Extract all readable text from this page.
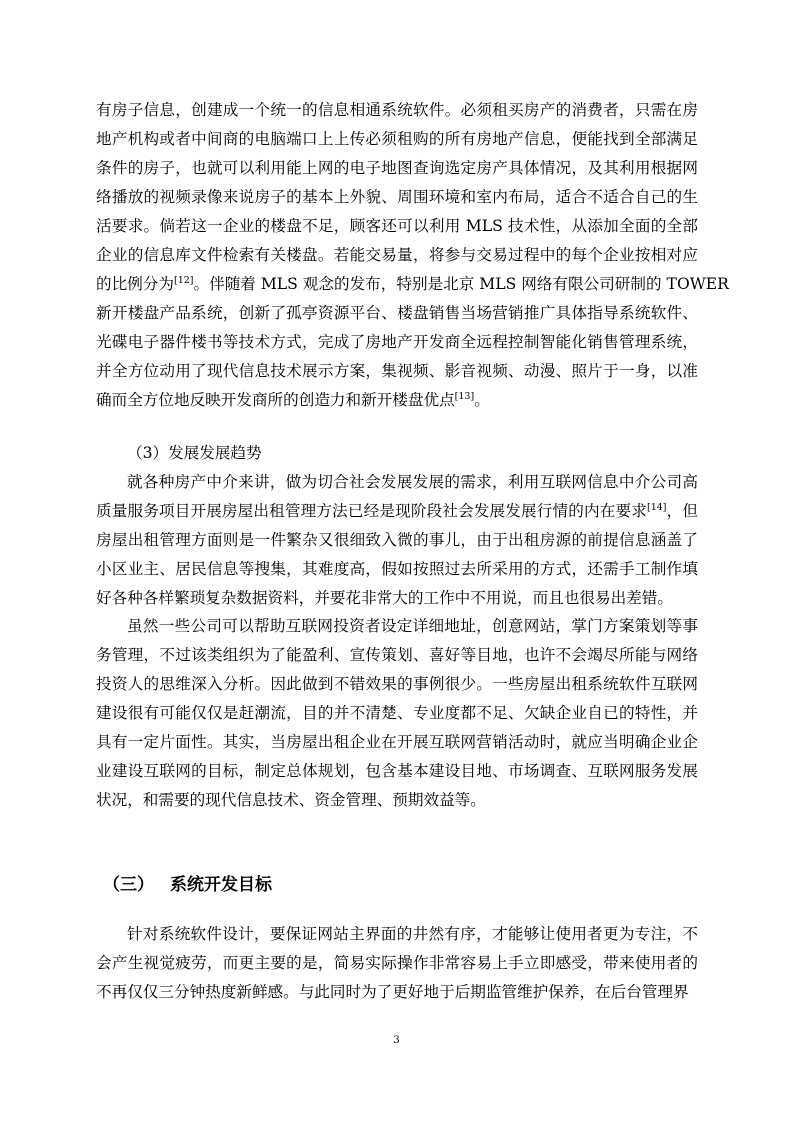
有房子信息，创建成一个统一的信息相通系统软件。必须租买房产的消费者，只需在房
地产机构或者中间商的电脑端口上上传必须租购的所有房地产信息，便能找到全部满足
条件的房子，也就可以利用能上网的电子地图查询选定房产具体情况，及其利用根据网
络播放的视频录像来说房子的基本上外貌、周围环境和室内布局，适合不适合自己的生
活要求。倘若这一企业的楼盘不足，顾客还可以利用 MLS 技术性，从添加全面的全部
企业的信息库文件检索有关楼盘。若能交易量，将参与交易过程中的每个企业按相对应
的比例分为[12]。伴随着 MLS 观念的发布，特别是北京 MLS 网络有限公司研制的 TOWER
新开楼盘产品系统，创新了孤亭资源平台、楼盘销售当场营销推广具体指导系统软件、
光碟电子器件楼书等技术方式，完成了房地产开发商全远程控制智能化销售管理系统，
并全方位动用了现代信息技术展示方案，集视频、影音视频、动漫、照片于一身，以准
确而全方位地反映开发商所的创造力和新开楼盘优点[13]。
（3）发展发展趋势
就各种房产中介来讲，做为切合社会发展发展的需求，利用互联网信息中介公司高
质量服务项目开展房屋出租管理方法已经是现阶段社会发展发展行情的内在要求[14]，但
房屋出租管理方面则是一件繁杂又很细致入微的事儿，由于出租房源的前提信息涵盖了
小区业主、居民信息等搜集，其难度高，假如按照过去所采用的方式，还需手工制作填
好各种各样繁琐复杂数据资料，并要花非常大的工作中不用说，而且也很易出差错。
虽然一些公司可以帮助互联网投资者设定详细地址，创意网站，掌门方案策划等事
务管理，不过该类组织为了能盈利、宣传策划、喜好等目地，也许不会竭尽所能与网络
投资人的思维深入分析。因此做到不错效果的事例很少。一些房屋出租系统软件互联网
建设很有可能仅仅是赶潮流，目的并不清楚、专业度都不足、欠缺企业自已的特性，并
具有一定片面性。其实，当房屋出租企业在开展互联网营销活动时，就应当明确企业企
业建设互联网的目标，制定总体规划，包含基本建设目地、市场调查、互联网服务发展
状况，和需要的现代信息技术、资金管理、预期效益等。
（三） 系统开发目标
针对系统软件设计，要保证网站主界面的井然有序，才能够让使用者更为专注，不
会产生视觉疲劳，而更主要的是，简易实际操作非常容易上手立即感受，带来使用者的
不再仅仅三分钟热度新鲜感。与此同时为了更好地于后期监管维护保养，在后台管理界
3
